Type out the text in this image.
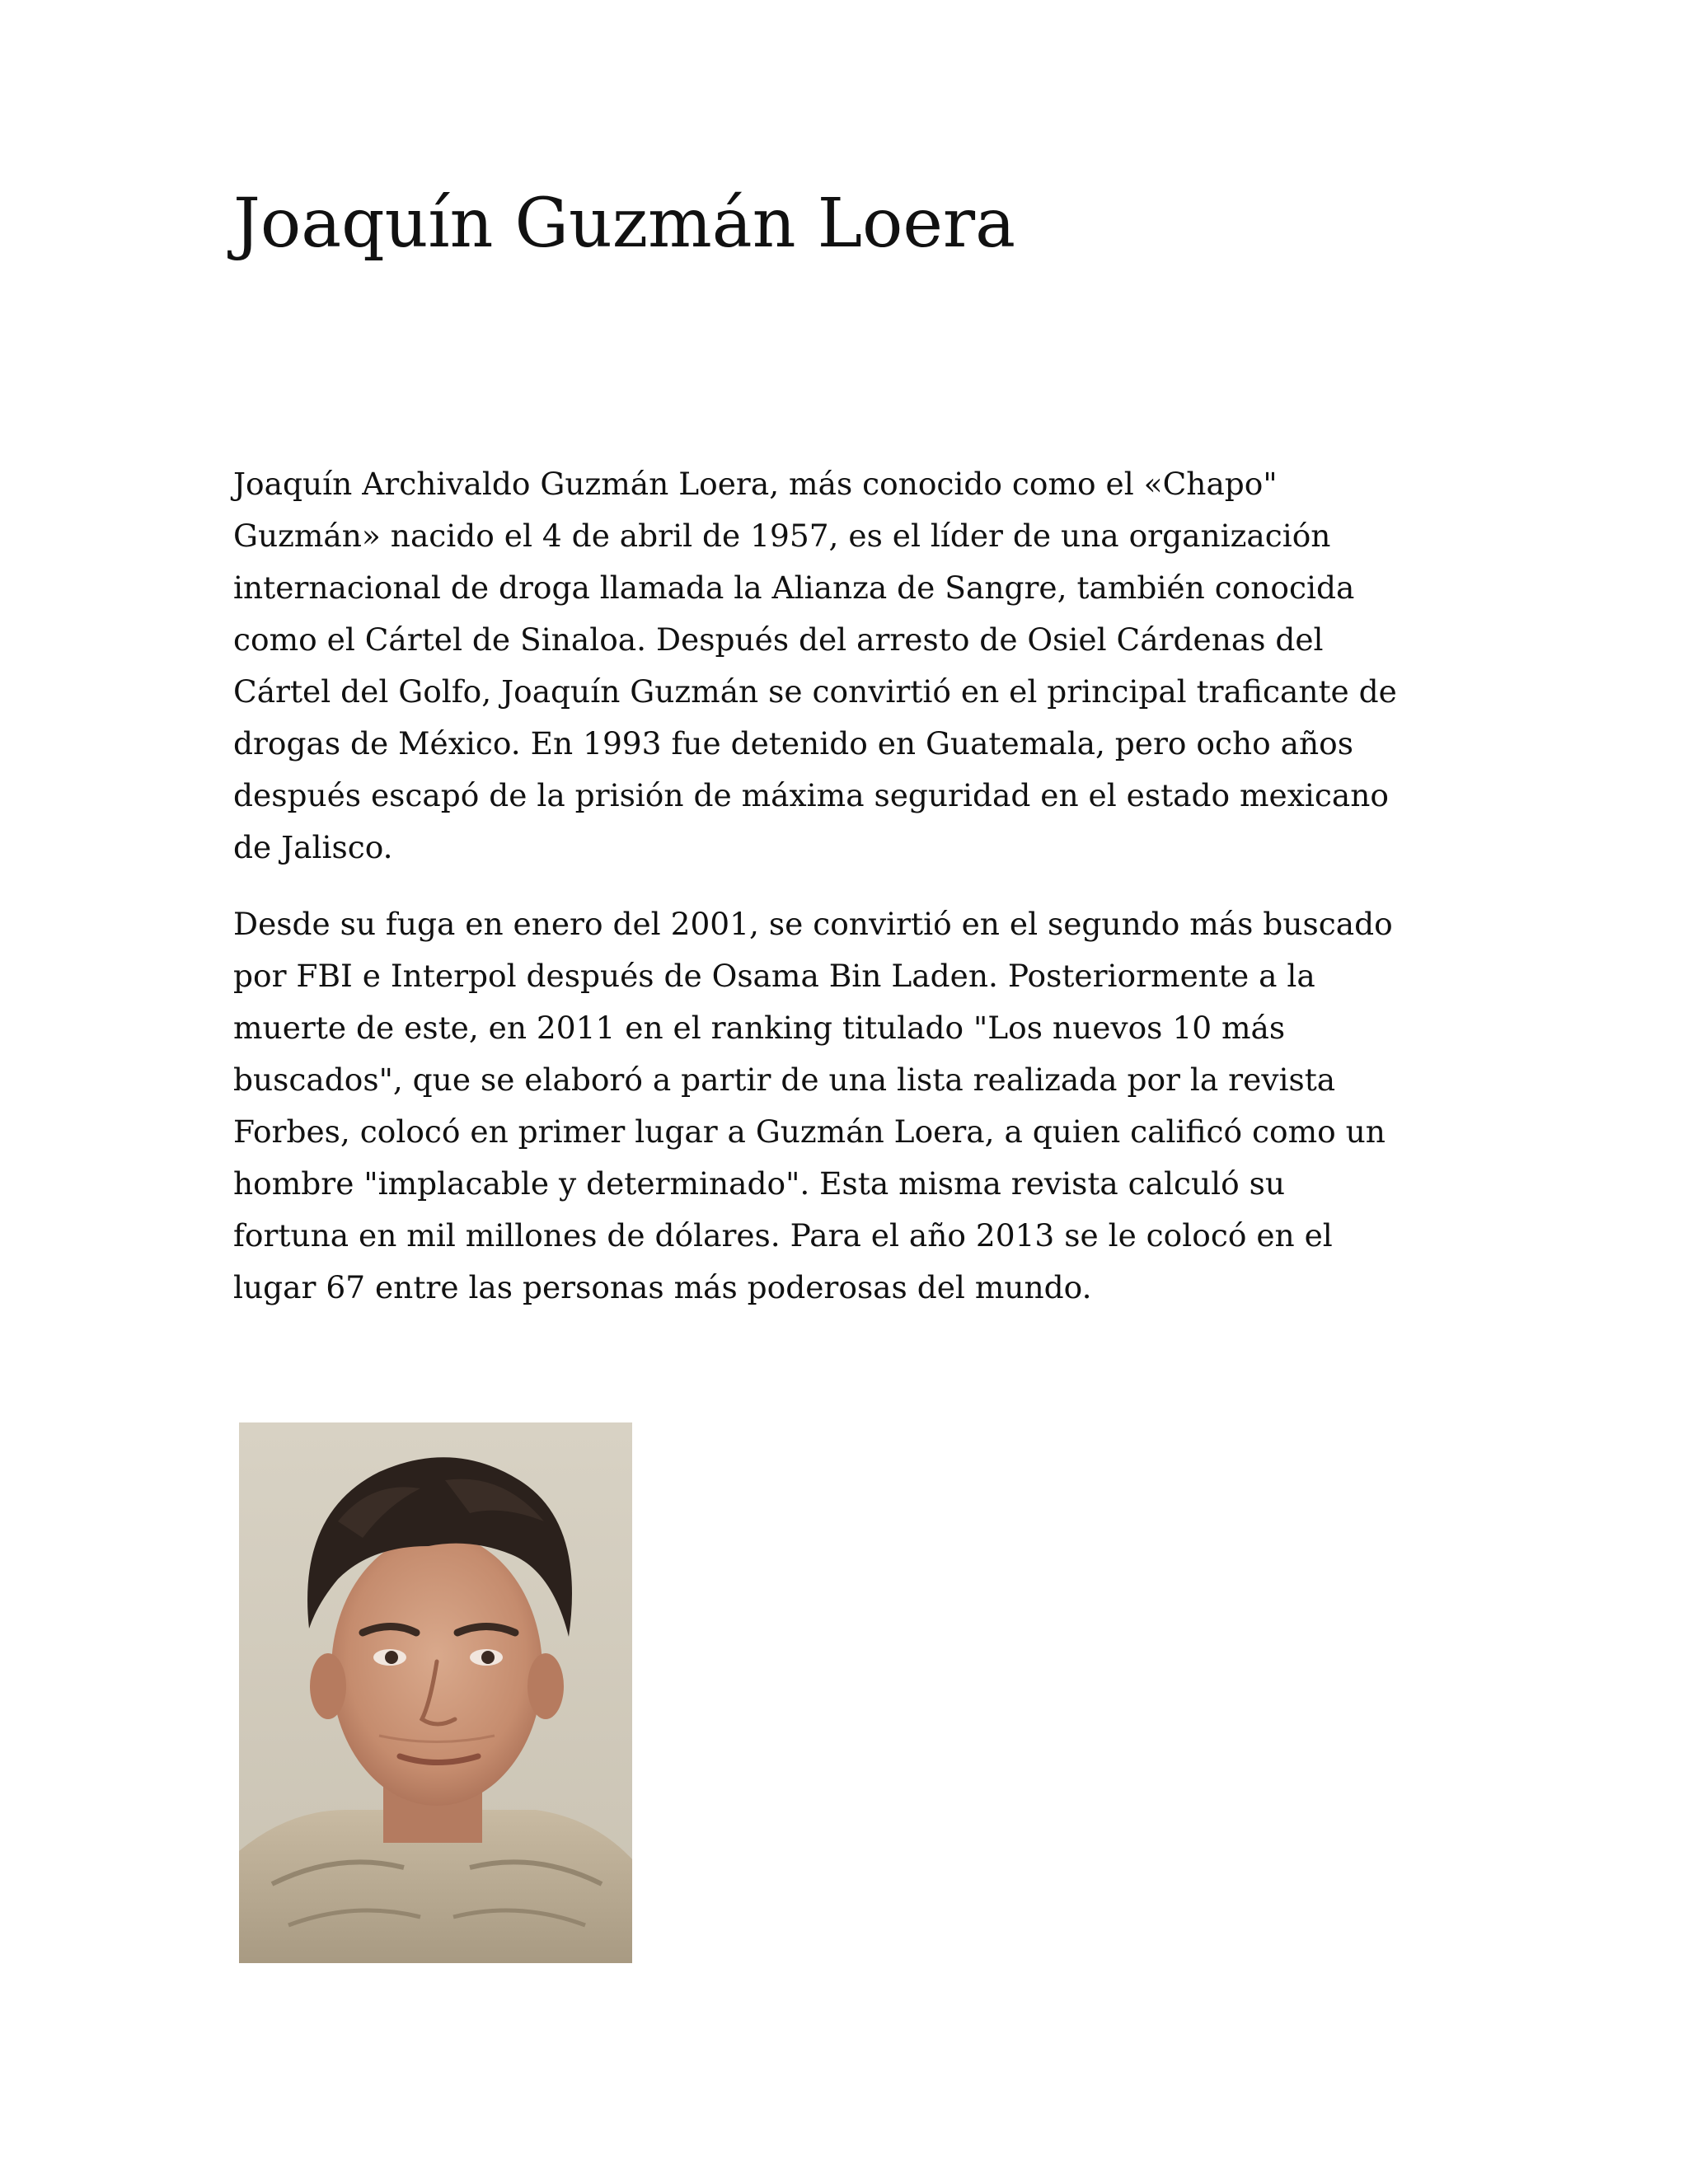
Joaquín Guzmán Loera

Joaquín Archivaldo Guzmán Loera, más conocido como el «Chapo"
Guzmán» nacido el 4 de abril de 1957, es el líder de una organización
internacional de droga llamada la Alianza de Sangre, también conocida
como el Cártel de Sinaloa. Después del arresto de Osiel Cárdenas del
Cártel del Golfo, Joaquín Guzmán se convirtió en el principal traficante de
drogas de México. En 1993 fue detenido en Guatemala, pero ocho años
después escapó de la prisión de máxima seguridad en el estado mexicano
de Jalisco.

Desde su fuga en enero del 2001, se convirtió en el segundo más buscado
por FBI e Interpol después de Osama Bin Laden. Posteriormente a la
muerte de este, en 2011 en el ranking titulado "Los nuevos 10 más
buscados", que se elaboró a partir de una lista realizada por la revista
Forbes, colocó en primer lugar a Guzmán Loera, a quien calificó como un
hombre "implacable y determinado". Esta misma revista calculó su
fortuna en mil millones de dólares. Para el año 2013 se le colocó en el
lugar 67 entre las personas más poderosas del mundo.
